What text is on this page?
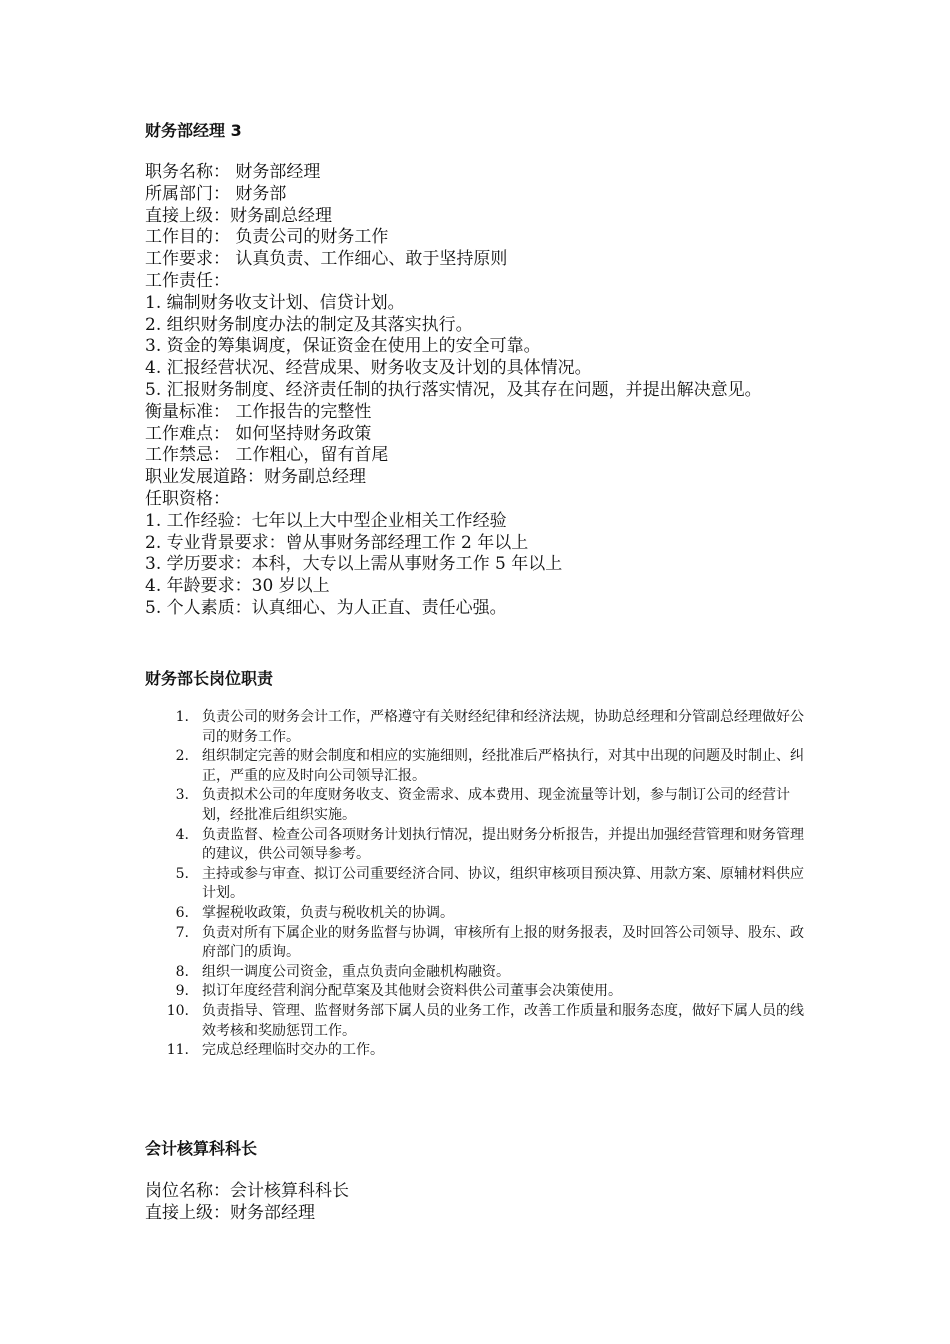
财务部经理 3
职务名称： 财务部经理
所属部门： 财务部
直接上级：财务副总经理
工作目的： 负责公司的财务工作
工作要求： 认真负责、工作细心、敢于坚持原则
工作责任：
1. 编制财务收支计划、信贷计划。
2. 组织财务制度办法的制定及其落实执行。
3. 资金的筹集调度，保证资金在使用上的安全可靠。
4. 汇报经营状况、经营成果、财务收支及计划的具体情况。
5. 汇报财务制度、经济责任制的执行落实情况，及其存在问题，并提出解决意见。
衡量标准： 工作报告的完整性
工作难点： 如何坚持财务政策
工作禁忌： 工作粗心，留有首尾
职业发展道路：财务副总经理
任职资格：
1. 工作经验：七年以上大中型企业相关工作经验
2. 专业背景要求：曾从事财务部经理工作 2 年以上
3. 学历要求：本科，大专以上需从事财务工作 5 年以上
4. 年龄要求：30 岁以上
5. 个人素质：认真细心、为人正直、责任心强。
财务部长岗位职责
1. 负责公司的财务会计工作，严格遵守有关财经纪律和经济法规，协助总经理和分管副总经理做好公司的财务工作。
2. 组织制定完善的财会制度和相应的实施细则，经批准后严格执行，对其中出现的问题及时制止、纠正，严重的应及时向公司领导汇报。
3. 负责拟术公司的年度财务收支、资金需求、成本费用、现金流量等计划，参与制订公司的经营计划，经批准后组织实施。
4. 负责监督、检查公司各项财务计划执行情况，提出财务分析报告，并提出加强经营管理和财务管理的建议，供公司领导参考。
5. 主持或参与审查、拟订公司重要经济合同、协议，组织审核项目预决算、用款方案、原辅材料供应计划。
6. 掌握税收政策，负责与税收机关的协调。
7. 负责对所有下属企业的财务监督与协调，审核所有上报的财务报表，及时回答公司领导、股东、政府部门的质询。
8. 组织一调度公司资金，重点负责向金融机构融资。
9. 拟订年度经营利润分配草案及其他财会资料供公司董事会决策使用。
10. 负责指导、管理、监督财务部下属人员的业务工作，改善工作质量和服务态度，做好下属人员的线效考核和奖励惩罚工作。
11. 完成总经理临时交办的工作。
会计核算科科长
岗位名称：会计核算科科长
直接上级：财务部经理
